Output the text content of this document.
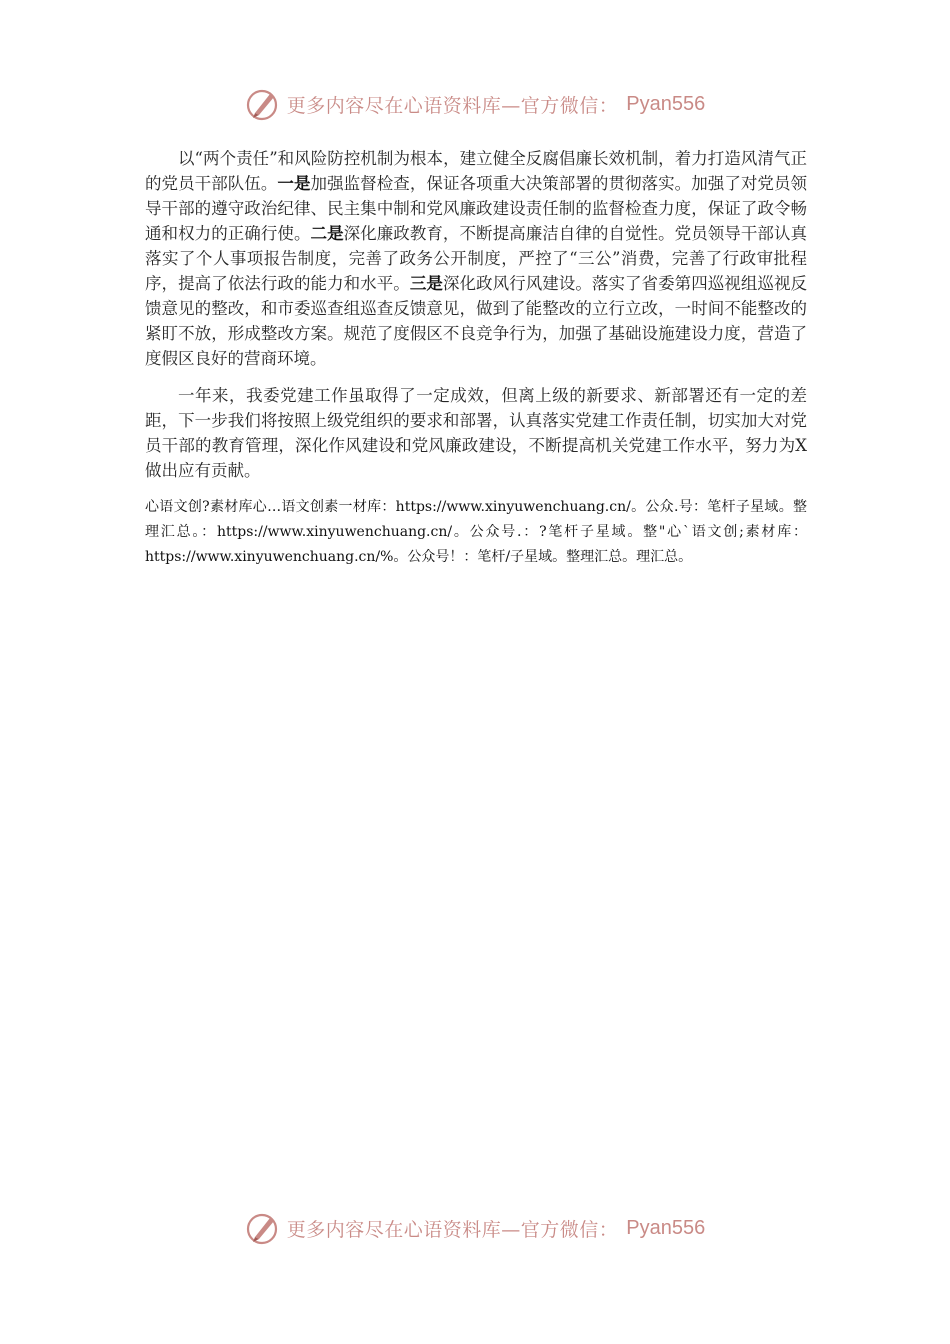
更多内容尽在心语资料库—官方微信： Pyan556

以“两个责任”和风险防控机制为根本，建立健全反腐倡廉长效机制，着力打造风清气正的党员干部队伍。一是加强监督检查，保证各项重大决策部署的贯彻落实。加强了对党员领导干部的遵守政治纪律、民主集中制和党风廉政建设责任制的监督检查力度，保证了政令畅通和权力的正确行使。二是深化廉政教育，不断提高廉洁自律的自觉性。党员领导干部认真落实了个人事项报告制度，完善了政务公开制度，严控了“三公”消费，完善了行政审批程序，提高了依法行政的能力和水平。三是深化政风行风建设。落实了省委第四巡视组巡视反馈意见的整改，和市委巡查组巡查反馈意见，做到了能整改的立行立改，一时间不能整改的紧盯不放，形成整改方案。规范了度假区不良竞争行为，加强了基础设施建设力度，营造了度假区良好的营商环境。

一年来，我委党建工作虽取得了一定成效，但离上级的新要求、新部署还有一定的差距，下一步我们将按照上级党组织的要求和部署，认真落实党建工作责任制，切实加大对党员干部的教育管理，深化作风建设和党风廉政建设，不断提高机关党建工作水平，努力为X做出应有贡献。

心语文创?素材库心…语文创素一材库：https://www.xinyuwenchuang.cn/。公众.号：笔杆子星域。整理汇总。：https://www.xinyuwenchuang.cn/。公众号.：?笔杆子星域。整"心`语文创;素材库：https://www.xinyuwenchuang.cn/%。公众号！：笔杆/子星域。整理汇总。理汇总。

更多内容尽在心语资料库—官方微信： Pyan556
